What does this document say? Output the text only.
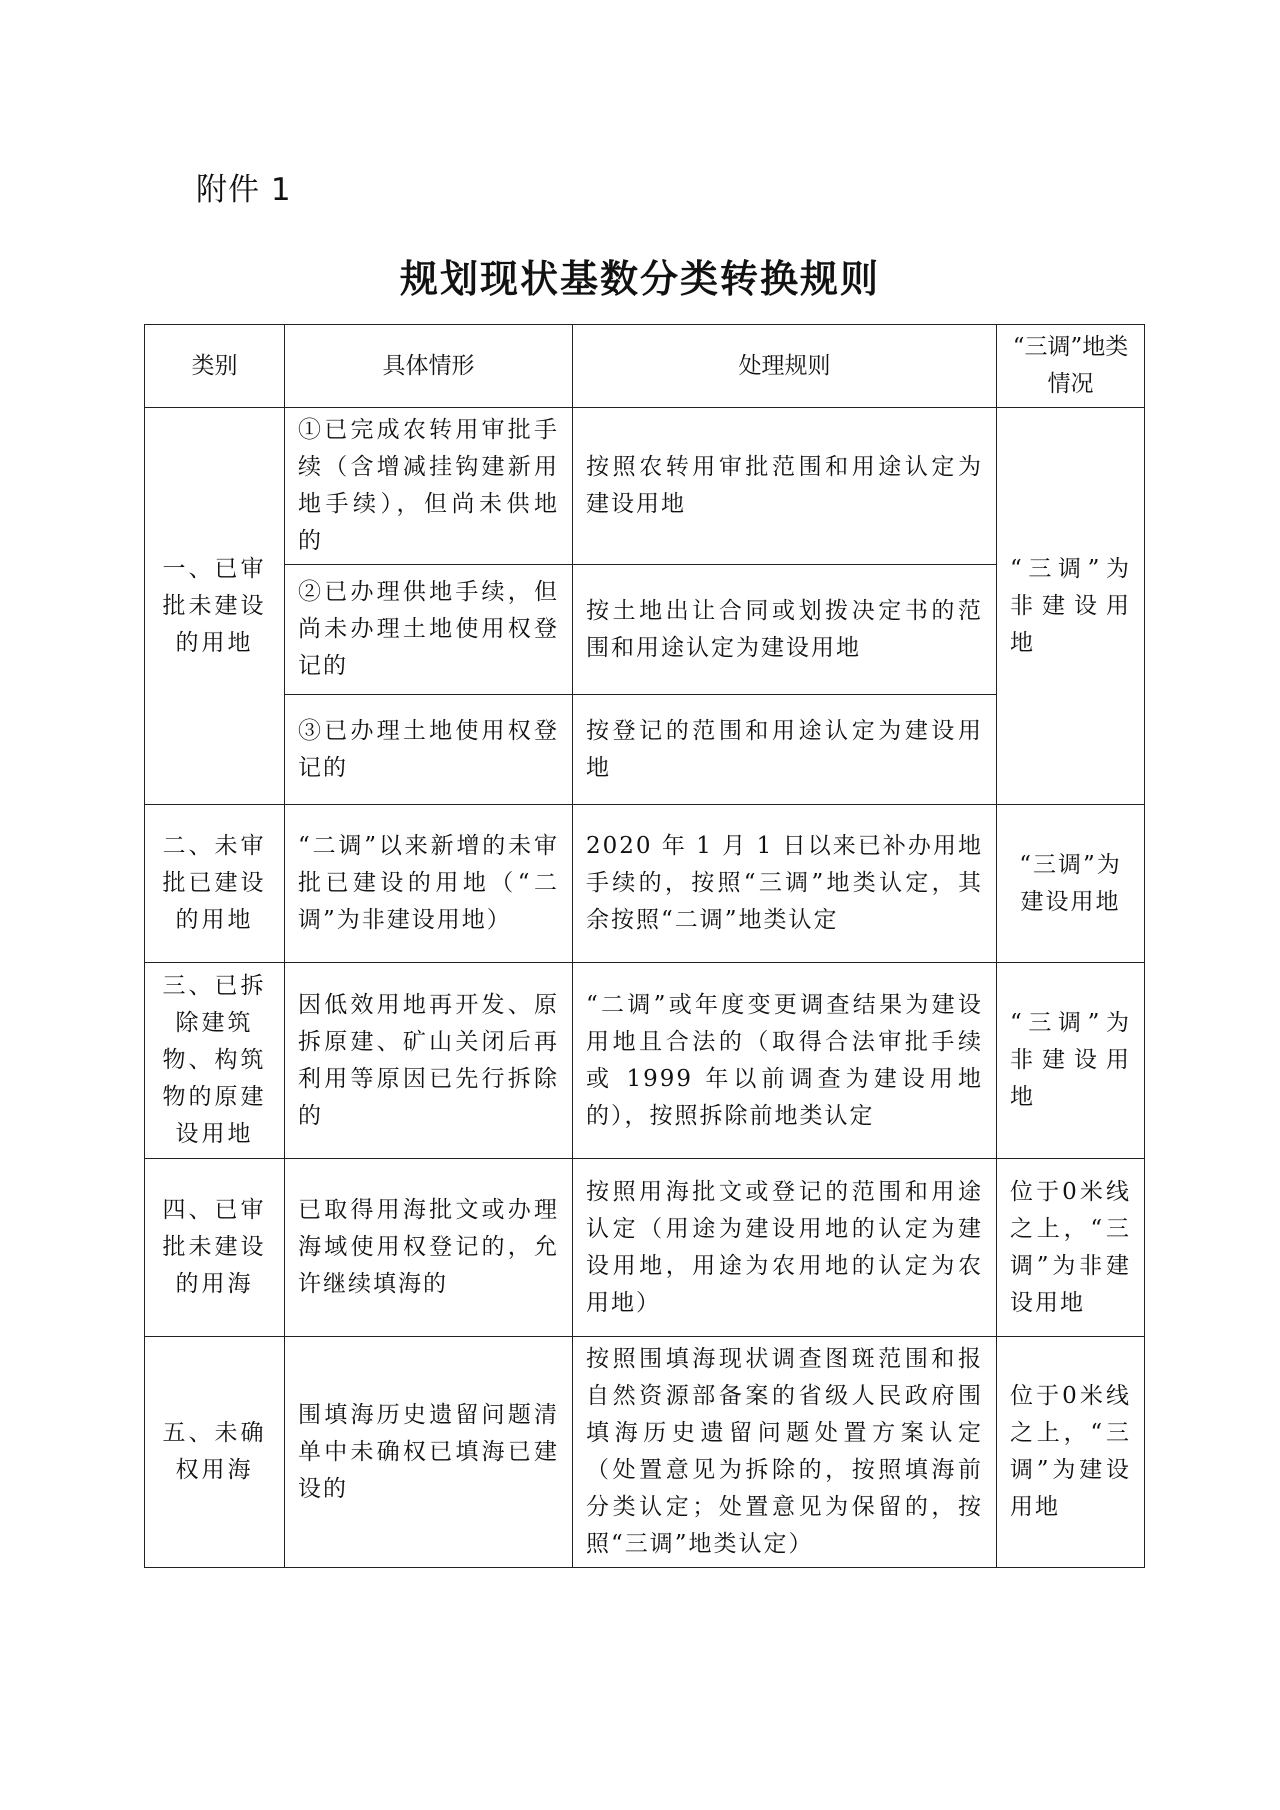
附件 1
规划现状基数分类转换规则
类别	具体情形	处理规则	“三调”地类情况
一、已审批未建设的用地	①已完成农转用审批手续（含增减挂钩建新用地手续），但尚未供地的	按照农转用审批范围和用途认定为建设用地	“三调”为非建设用地
	②已办理供地手续，但尚未办理土地使用权登记的	按土地出让合同或划拨决定书的范围和用途认定为建设用地	
	③已办理土地使用权登记的	按登记的范围和用途认定为建设用地	
二、未审批已建设的用地	“二调”以来新增的未审批已建设的用地（“二调”为非建设用地）	2020 年 1 月 1 日以来已补办用地手续的，按照“三调”地类认定，其余按照“二调”地类认定	“三调”为建设用地
三、已拆除建筑物、构筑物的原建设用地	因低效用地再开发、原拆原建、矿山关闭后再利用等原因已先行拆除的	“二调”或年度变更调查结果为建设用地且合法的（取得合法审批手续或 1999 年以前调查为建设用地的），按照拆除前地类认定	“三调”为非建设用地
四、已审批未建设的用海	已取得用海批文或办理海域使用权登记的，允许继续填海的	按照用海批文或登记的范围和用途认定（用途为建设用地的认定为建设用地，用途为农用地的认定为农用地）	位于0米线之上，“三调”为非建设用地
五、未确权用海	围填海历史遗留问题清单中未确权已填海已建设的	按照围填海现状调查图斑范围和报自然资源部备案的省级人民政府围填海历史遗留问题处置方案认定（处置意见为拆除的，按照填海前分类认定；处置意见为保留的，按照“三调”地类认定）	位于0米线之上，“三调”为建设用地
